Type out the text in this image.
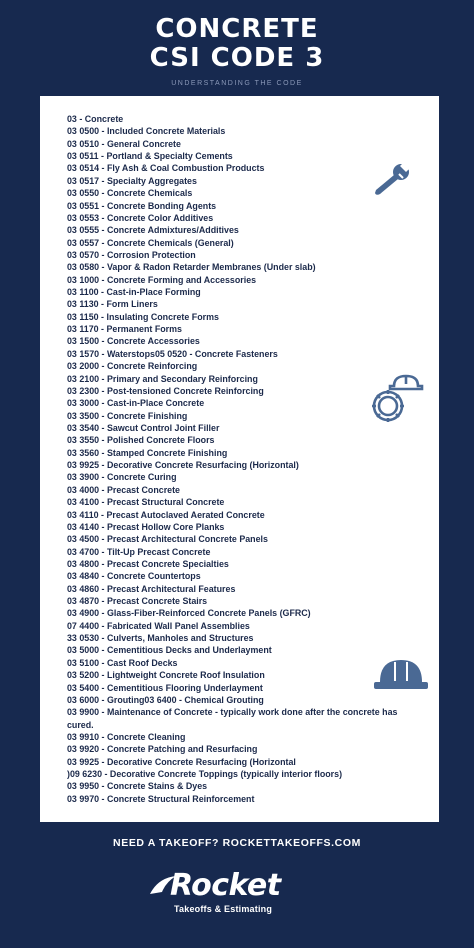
CONCRETE
CSI CODE 3
UNDERSTANDING THE CODE
03 - Concrete
03 0500 - Included Concrete Materials
03 0510 - General Concrete
03 0511 - Portland & Specialty Cements
03 0514 - Fly Ash & Coal Combustion Products
03 0517 - Specialty Aggregates
03 0550 - Concrete Chemicals
03 0551 - Concrete Bonding Agents
03 0553 - Concrete Color Additives
03 0555 - Concrete Admixtures/Additives
03 0557 - Concrete Chemicals (General)
03 0570 - Corrosion Protection
03 0580 - Vapor & Radon Retarder Membranes (Under slab)
03 1000 - Concrete Forming and Accessories
03 1100 - Cast-in-Place Forming
03 1130 - Form Liners
03 1150 - Insulating Concrete Forms
03 1170 - Permanent Forms
03 1500 - Concrete Accessories
03 1570 - Waterstops05 0520 - Concrete Fasteners
03 2000 - Concrete Reinforcing
03 2100 - Primary and Secondary Reinforcing
03 2300 - Post-tensioned Concrete Reinforcing
03 3000 - Cast-in-Place Concrete
03 3500 - Concrete Finishing
03 3540 - Sawcut Control Joint Filler
03 3550 - Polished Concrete Floors
03 3560 - Stamped Concrete Finishing
03 9925 - Decorative Concrete Resurfacing (Horizontal)
03 3900 - Concrete Curing
03 4000 - Precast Concrete
03 4100 - Precast Structural Concrete
03 4110 - Precast Autoclaved Aerated Concrete
03 4140 - Precast Hollow Core Planks
03 4500 - Precast Architectural Concrete Panels
03 4700 - Tilt-Up Precast Concrete
03 4800 - Precast Concrete Specialties
03 4840 - Concrete Countertops
03 4860 - Precast Architectural Features
03 4870 - Precast Concrete Stairs
03 4900 - Glass-Fiber-Reinforced Concrete Panels (GFRC)
07 4400 - Fabricated Wall Panel Assemblies
33 0530 - Culverts, Manholes and Structures
03 5000 - Cementitious Decks and Underlayment
03 5100 - Cast Roof Decks
03 5200 - Lightweight Concrete Roof Insulation
03 5400 - Cementitious Flooring Underlayment
03 6000 - Grouting03 6400 - Chemical Grouting
03 9900 - Maintenance of Concrete - typically work done after the concrete has cured.
03 9910 - Concrete Cleaning
03 9920 - Concrete Patching and Resurfacing
03 9925 - Decorative Concrete Resurfacing (Horizontal
)09 6230 - Decorative Concrete Toppings (typically interior floors)
03 9950 - Concrete Stains & Dyes
03 9970 - Concrete Structural Reinforcement
NEED A TAKEOFF? ROCKETTAKEOFFS.COM
Rocket
Takeoffs & Estimating
